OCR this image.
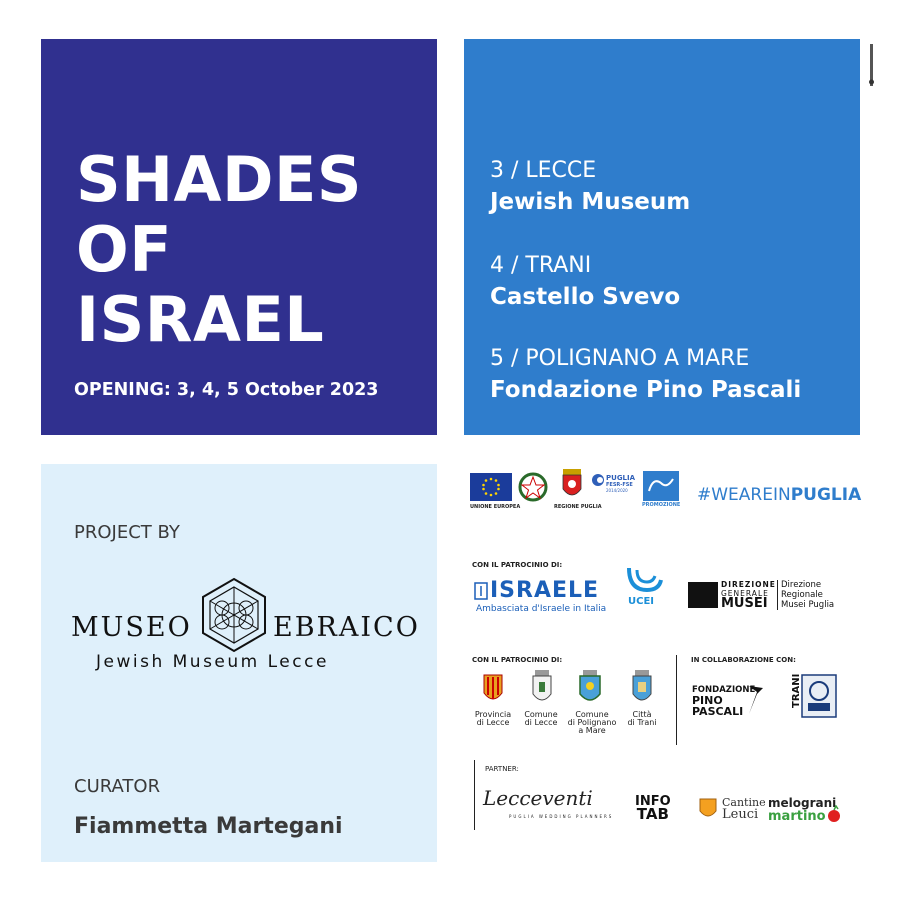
SHADES
OF
ISRAEL
OPENING: 3, 4, 5 October 2023
3 / LECCE
Jewish Museum
4 / TRANI
Castello Svevo
5 / POLIGNANO A MARE
Fondazione Pino Pascali
PROJECT BY
MUSEO	EBRAICO
Jewish Museum Lecce
CURATOR
Fiammetta Martegani
UNIONE EUROPEA	REGIONE PUGLIA
PUGLIA
FESR-FSE
2014/2020
PROMOZIONE #WEAREINPUGLIA
CON IL PATROCINIO DI:
ISRAELE
Ambasciata d'Israele in Italia
UCEI
DIREZIONE
GENERALE
MUSEI
Direzione
Regionale
Musei Puglia
CON IL PATROCINIO DI:
Provincia
di Lecce
Comune
di Lecce
Comune
di Polignano
a Mare
Città
di Trani
IN COLLABORAZIONE CON:
FONDAZIONE
PINO
PASCALI
TRANI
PARTNER:
Lecceventi
PUGLIA WEDDING PLANNERS
INFO
TAB
Cantine
Leuci
melograni
martino
